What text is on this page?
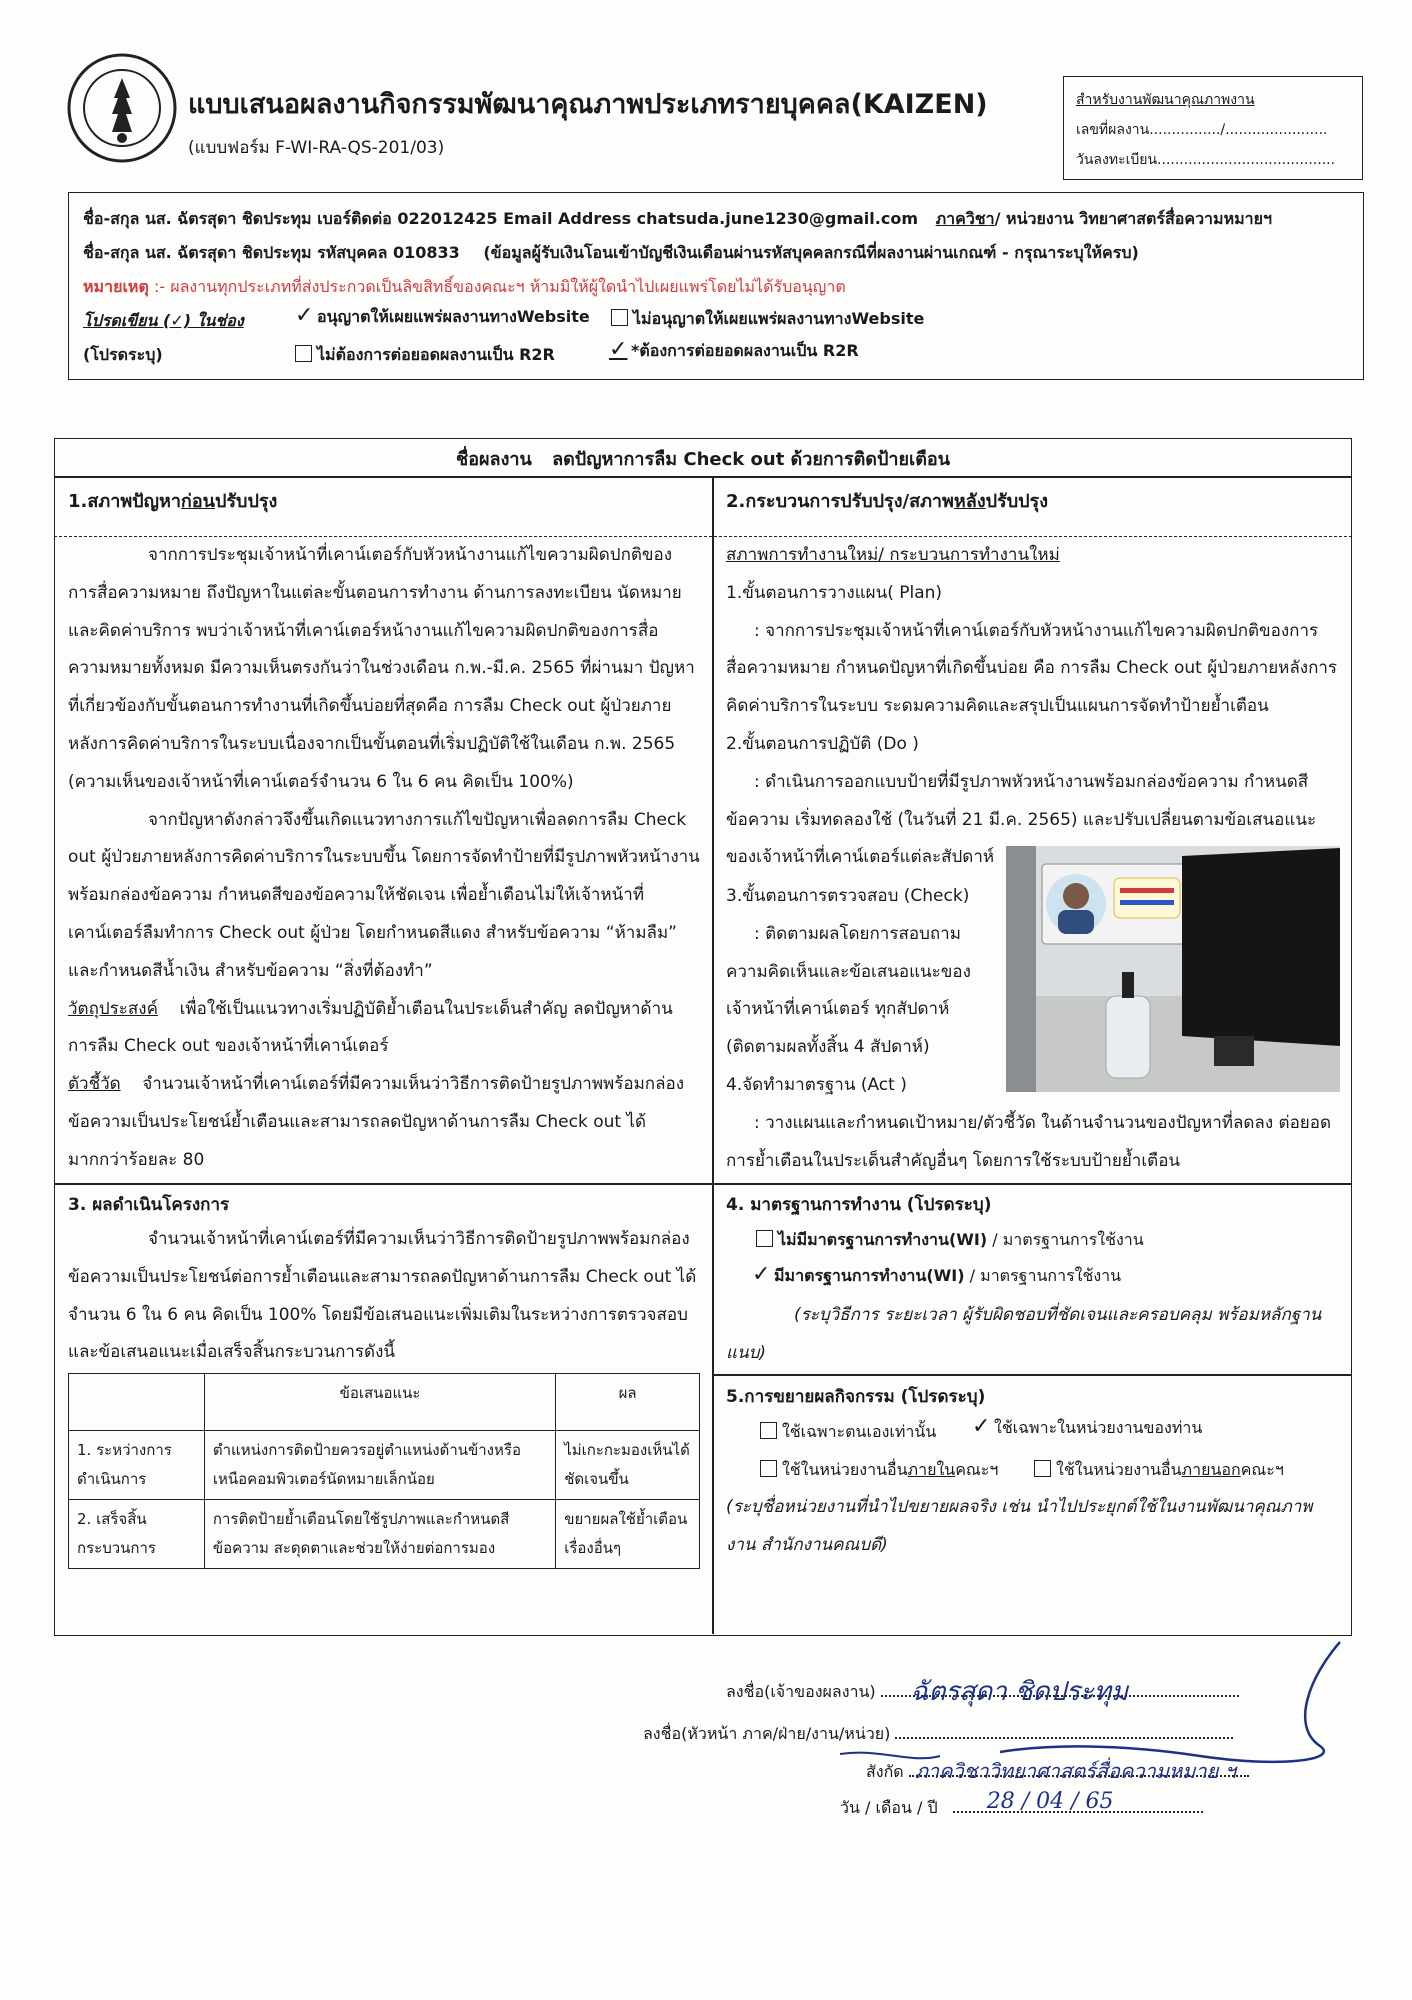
แบบเสนอผลงานกิจกรรมพัฒนาคุณภาพประเภทรายบุคคล(KAIZEN)
(แบบฟอร์ม F-WI-RA-QS-201/03)
สำหรับงานพัฒนาคุณภาพงาน
เลขที่ผลงาน................/.......................
วันลงทะเบียน........................................
ชื่อ-สกุล นส. ฉัตรสุดา ชิดประทุม เบอร์ติดต่อ 022012425 Email Address chatsuda.june1230@gmail.com ภาควิชา/ หน่วยงาน วิทยาศาสตร์สื่อความหมายฯ
ชื่อ-สกุล นส. ฉัตรสุดา ชิดประทุม รหัสบุคคล 010833 (ข้อมูลผู้รับเงินโอนเข้าบัญชีเงินเดือนผ่านรหัสบุคคลกรณีที่ผลงานผ่านเกณฑ์ - กรุณาระบุให้ครบ)
หมายเหตุ :- ผลงานทุกประเภทที่ส่งประกวดเป็นลิขสิทธิ์ของคณะฯ ห้ามมิให้ผู้ใดนำไปเผยแพร่โดยไม่ได้รับอนุญาต
โปรดเขียน (✓) ในช่อง ✓ อนุญาตให้เผยแพร่ผลงานทางWebsite	ไม่อนุญาตให้เผยแพร่ผลงานทางWebsite
(โปรดระบุ)	ไม่ต้องการต่อยอดผลงานเป็น R2R ✓ *ต้องการต่อยอดผลงานเป็น R2R
ชื่อผลงาน ลดปัญหาการลืม Check out ด้วยการติดป้ายเตือน
1.สภาพปัญหาก่อนปรับปรุง

จากการประชุมเจ้าหน้าที่เคาน์เตอร์กับหัวหน้างานแก้ไขความผิดปกติของการสื่อความหมาย ถึงปัญหาในแต่ละขั้นตอนการทำงาน ด้านการลงทะเบียน นัดหมาย และคิดค่าบริการ พบว่าเจ้าหน้าที่เคาน์เตอร์หน้างานแก้ไขความผิดปกติของการสื่อความหมายทั้งหมด มีความเห็นตรงกันว่าในช่วงเดือน ก.พ.-มี.ค. 2565 ที่ผ่านมา ปัญหาที่เกี่ยวข้องกับขั้นตอนการทำงานที่เกิดขึ้นบ่อยที่สุดคือ การลืม Check out ผู้ป่วยภายหลังการคิดค่าบริการในระบบเนื่องจากเป็นขั้นตอนที่เริ่มปฏิบัติใช้ในเดือน ก.พ. 2565 (ความเห็นของเจ้าหน้าที่เคาน์เตอร์จำนวน 6 ใน 6 คน คิดเป็น 100%)

จากปัญหาดังกล่าวจึงขึ้นเกิดแนวทางการแก้ไขปัญหาเพื่อลดการลืม Check out ผู้ป่วยภายหลังการคิดค่าบริการในระบบขึ้น โดยการจัดทำป้ายที่มีรูปภาพหัวหน้างานพร้อมกล่องข้อความ กำหนดสีของข้อความให้ชัดเจน เพื่อย้ำเตือนไม่ให้เจ้าหน้าที่เคาน์เตอร์ลืมทำการ Check out ผู้ป่วย โดยกำหนดสีแดง สำหรับข้อความ “ห้ามลืม” และกำหนดสีน้ำเงิน สำหรับข้อความ “สิ่งที่ต้องทำ”

วัตถุประสงค์ เพื่อใช้เป็นแนวทางเริ่มปฏิบัติย้ำเตือนในประเด็นสำคัญ ลดปัญหาด้านการลืม Check out ของเจ้าหน้าที่เคาน์เตอร์

ตัวชี้วัด จำนวนเจ้าหน้าที่เคาน์เตอร์ที่มีความเห็นว่าวิธีการติดป้ายรูปภาพพร้อมกล่องข้อความเป็นประโยชน์ย้ำเตือนและสามารถลดปัญหาด้านการลืม Check out ได้มากกว่าร้อยละ 80

2.กระบวนการปรับปรุง/สภาพหลังปรับปรุง

สภาพการทำงานใหม่/ กระบวนการทำงานใหม่

1.ขั้นตอนการวางแผน( Plan)

: จากการประชุมเจ้าหน้าที่เคาน์เตอร์กับหัวหน้างานแก้ไขความผิดปกติของการสื่อความหมาย กำหนดปัญหาที่เกิดขึ้นบ่อย คือ การลืม Check out ผู้ป่วยภายหลังการคิดค่าบริการในระบบ ระดมความคิดและสรุปเป็นแผนการจัดทำป้ายย้ำเตือน

2.ขั้นตอนการปฏิบัติ (Do )

: ดำเนินการออกแบบป้ายที่มีรูปภาพหัวหน้างานพร้อมกล่องข้อความ กำหนดสีข้อความ เริ่มทดลองใช้ (ในวันที่ 21 มี.ค. 2565) และปรับเปลี่ยนตามข้อเสนอแนะของเจ้าหน้าที่เคาน์เตอร์แต่ละสัปดาห์

3.ขั้นตอนการตรวจสอบ (Check)

: ติดตามผลโดยการสอบถามความคิดเห็นและข้อเสนอแนะของเจ้าหน้าที่เคาน์เตอร์ ทุกสัปดาห์ (ติดตามผลทั้งสิ้น 4 สัปดาห์)

4.จัดทำมาตรฐาน (Act )

: วางแผนและกำหนดเป้าหมาย/ตัวชี้วัด ในด้านจำนวนของปัญหาที่ลดลง ต่อยอดการย้ำเตือนในประเด็นสำคัญอื่นๆ โดยการใช้ระบบป้ายย้ำเตือน

3. ผลดำเนินโครงการ

จำนวนเจ้าหน้าที่เคาน์เตอร์ที่มีความเห็นว่าวิธีการติดป้ายรูปภาพพร้อมกล่องข้อความเป็นประโยชน์ต่อการย้ำเตือนและสามารถลดปัญหาด้านการลืม Check out ได้ จำนวน 6 ใน 6 คน คิดเป็น 100% โดยมีข้อเสนอแนะเพิ่มเติมในระหว่างการตรวจสอบ และข้อเสนอแนะเมื่อเสร็จสิ้นกระบวนการดังนี้

	ข้อเสนอแนะ	ผล
1. ระหว่างการดำเนินการ	ตำแหน่งการติดป้ายควรอยู่ตำแหน่งด้านข้างหรือเหนือคอมพิวเตอร์นัดหมายเล็กน้อย	ไม่เกะกะมองเห็นได้ชัดเจนขึ้น
2. เสร็จสิ้นกระบวนการ	การติดป้ายย้ำเตือนโดยใช้รูปภาพและกำหนดสีข้อความ สะดุดตาและช่วยให้ง่ายต่อการมอง	ขยายผลใช้ย้ำเตือนเรื่องอื่นๆ
4. มาตรฐานการทำงาน (โปรดระบุ)
ไม่มีมาตรฐานการทำงาน(WI) / มาตรฐานการใช้งาน
✓ มีมาตรฐานการทำงาน(WI) / มาตรฐานการใช้งาน

(ระบุวิธีการ ระยะเวลา ผู้รับผิดชอบที่ชัดเจนและครอบคลุม พร้อมหลักฐานแนบ)

5.การขยายผลกิจกรรม (โปรดระบุ)
ใช้เฉพาะตนเองเท่านั้น ✓ ใช้เฉพาะในหน่วยงานของท่าน
ใช้ในหน่วยงานอื่นภายในคณะฯ	ใช้ในหน่วยงานอื่นภายนอกคณะฯ

(ระบุชื่อหน่วยงานที่นำไปขยายผลจริง เช่น นำไปประยุกต์ใช้ในงานพัฒนาคุณภาพงาน สำนักงานคณบดี)

ลงชื่อ(เจ้าของผลงาน) ฉัตรสุดา ชิดประทุม
ลงชื่อ(หัวหน้า ภาค/ฝ่าย/งาน/หน่วย)
สังกัด ภาควิชาวิทยาศาสตร์สื่อความหมาย ฯ
วัน / เดือน / ปี 28 / 04 / 65
